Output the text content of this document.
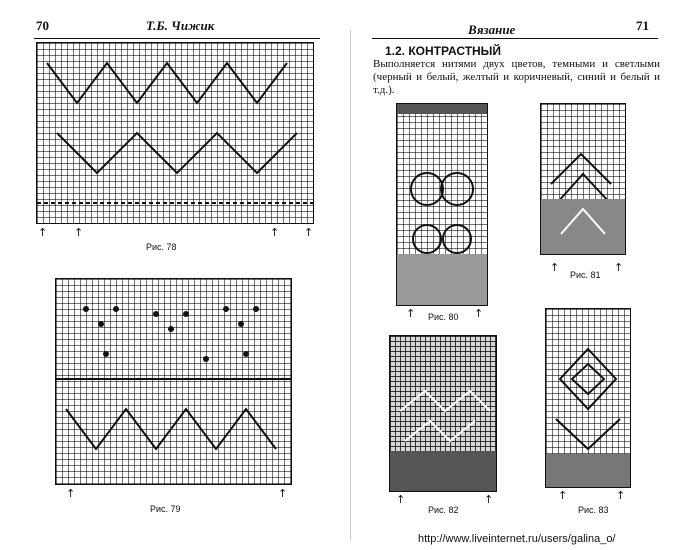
70	Т.Б. Чижик
↑ ↑	↑ ↑
Рис. 78
↑	↑
Рис. 79
Вязание	71
1.2. КОНТРАСТНЫЙ
Выполняется нитями двух цветов, темными и светлыми (черный и белый, желтый и коричневый, синий и белый и т.д.).
↑	↑
Рис. 80
↑	↑
Рис. 81
↑	↑
Рис. 82
↑	↑
Рис. 83
http://www.liveinternet.ru/users/galina_o/
